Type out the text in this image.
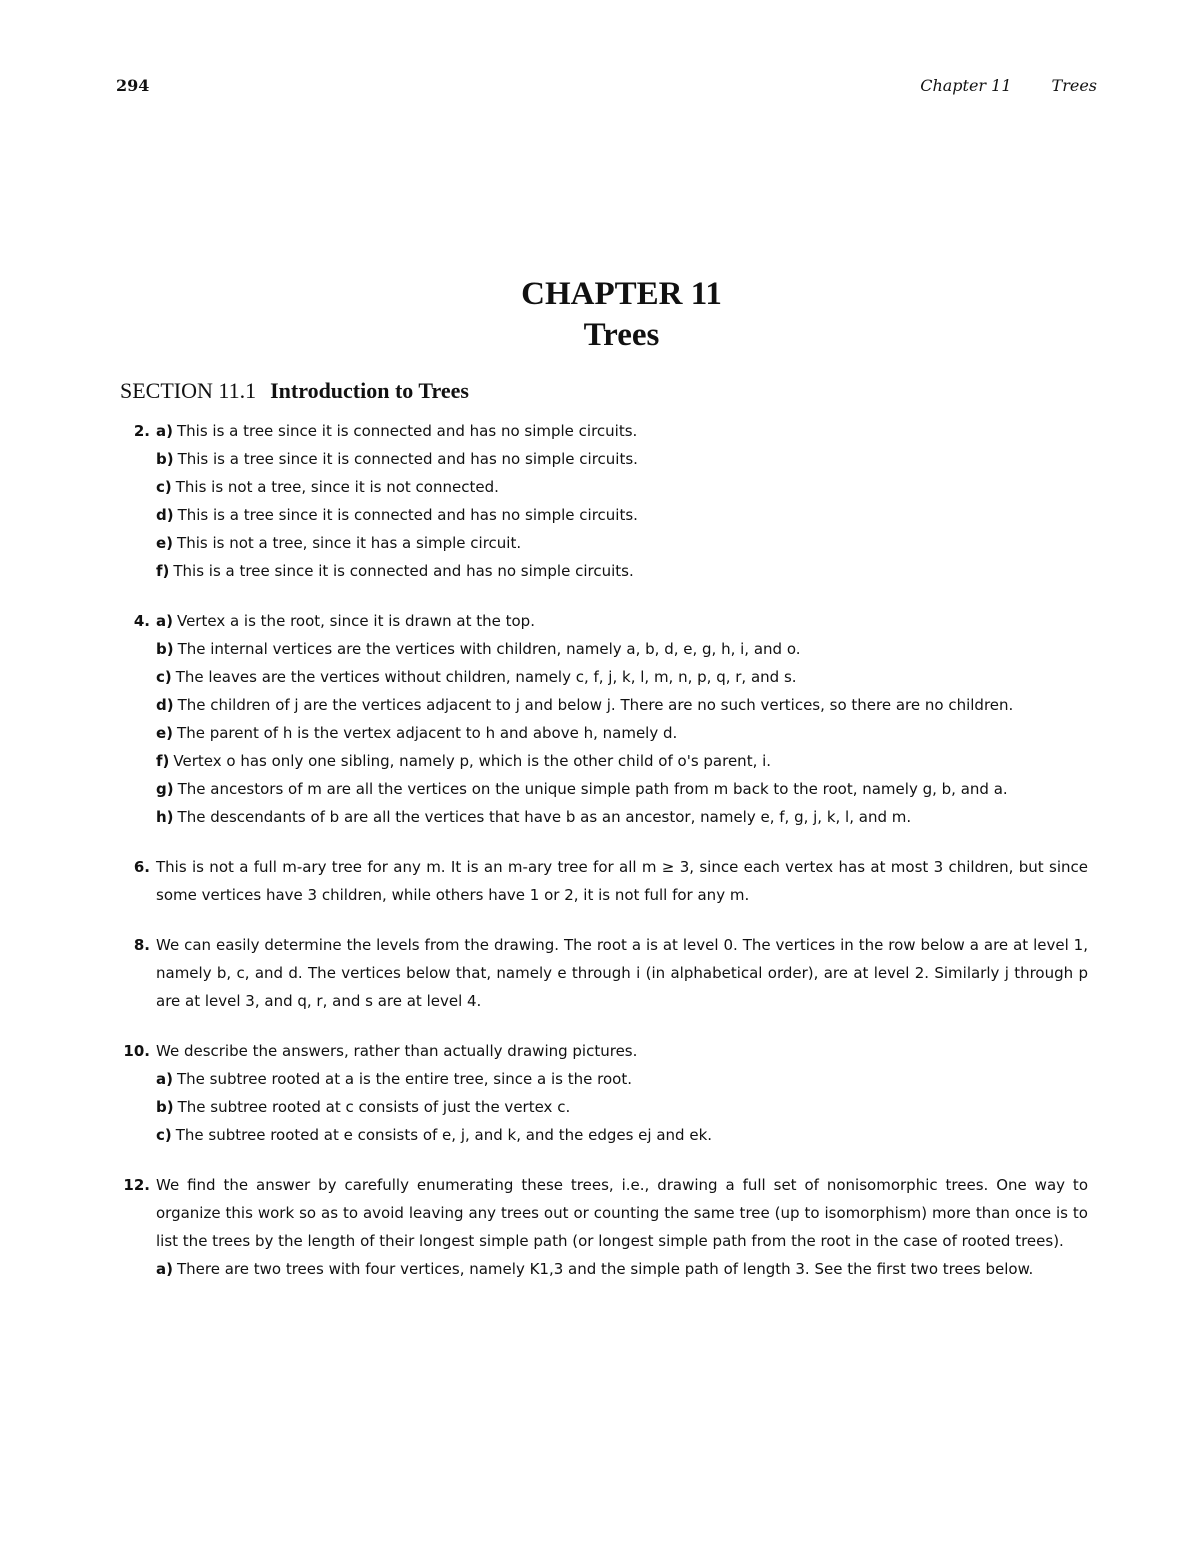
294	Chapter 11	Trees
CHAPTER 11
Trees
SECTION 11.1 Introduction to Trees
2. a) This is a tree since it is connected and has no simple circuits.
b) This is a tree since it is connected and has no simple circuits.
c) This is not a tree, since it is not connected.
d) This is a tree since it is connected and has no simple circuits.
e) This is not a tree, since it has a simple circuit.
f) This is a tree since it is connected and has no simple circuits.
4. a) Vertex a is the root, since it is drawn at the top.
b) The internal vertices are the vertices with children, namely a, b, d, e, g, h, i, and o.
c) The leaves are the vertices without children, namely c, f, j, k, l, m, n, p, q, r, and s.
d) The children of j are the vertices adjacent to j and below j. There are no such vertices, so there are no children.
e) The parent of h is the vertex adjacent to h and above h, namely d.
f) Vertex o has only one sibling, namely p, which is the other child of o's parent, i.
g) The ancestors of m are all the vertices on the unique simple path from m back to the root, namely g, b, and a.
h) The descendants of b are all the vertices that have b as an ancestor, namely e, f, g, j, k, l, and m.
6. This is not a full m-ary tree for any m. It is an m-ary tree for all m ≥ 3, since each vertex has at most 3 children, but since some vertices have 3 children, while others have 1 or 2, it is not full for any m.
8. We can easily determine the levels from the drawing. The root a is at level 0. The vertices in the row below a are at level 1, namely b, c, and d. The vertices below that, namely e through i (in alphabetical order), are at level 2. Similarly j through p are at level 3, and q, r, and s are at level 4.
10. We describe the answers, rather than actually drawing pictures.
a) The subtree rooted at a is the entire tree, since a is the root.
b) The subtree rooted at c consists of just the vertex c.
c) The subtree rooted at e consists of e, j, and k, and the edges ej and ek.
12. We find the answer by carefully enumerating these trees, i.e., drawing a full set of nonisomorphic trees. One way to organize this work so as to avoid leaving any trees out or counting the same tree (up to isomorphism) more than once is to list the trees by the length of their longest simple path (or longest simple path from the root in the case of rooted trees).
a) There are two trees with four vertices, namely K1,3 and the simple path of length 3. See the first two trees below.
